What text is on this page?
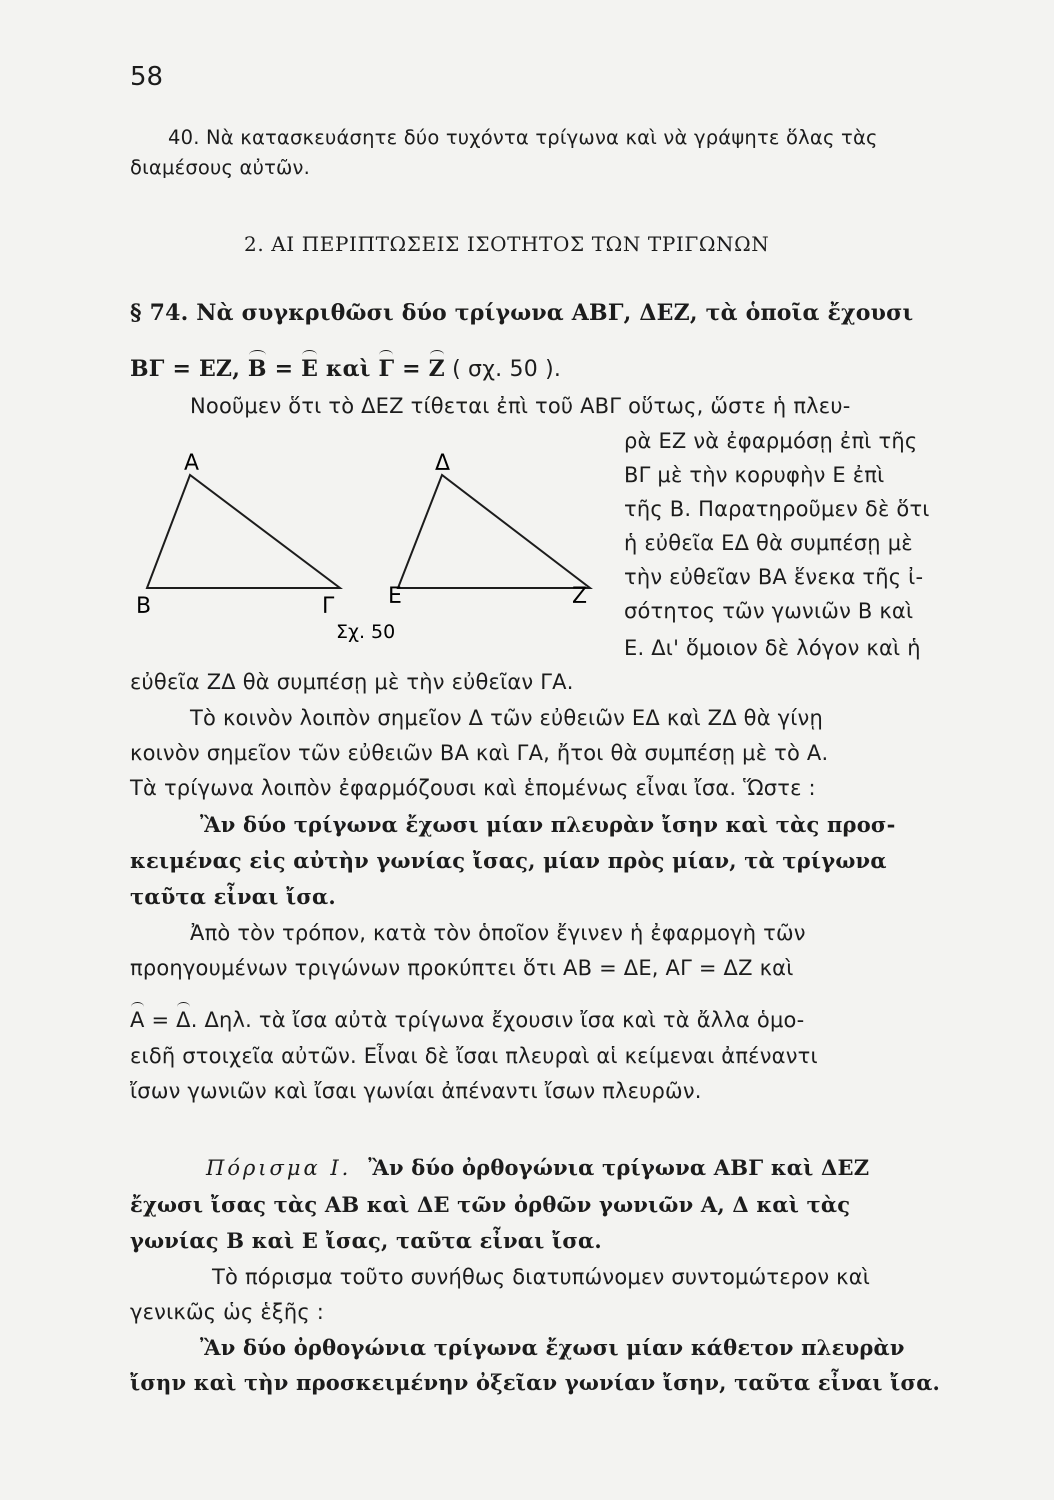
58
40. Νὰ κατασκευάσητε δύο τυχόντα τρίγωνα καὶ νὰ γράψητε ὅλας τὰς
διαμέσους αὐτῶν.
2. ΑΙ ΠΕΡΙΠΤΩΣΕΙΣ ΙΣΟΤΗΤΟΣ ΤΩΝ ΤΡΙΓΩΝΩΝ
§ 74. Νὰ συγκριθῶσι δύο τρίγωνα ΑΒΓ, ΔΕΖ, τὰ ὁποῖα ἔχουσι
ΒΓ = ΕΖ, Β = Ε καὶ Γ = Ζ ( σχ. 50 ).
Νοοῦμεν ὅτι τὸ ΔΕΖ τίθεται ἐπὶ τοῦ ΑΒΓ οὕτως, ὥστε ἡ πλευ-
ρὰ ΕΖ νὰ ἐφαρμόσῃ ἐπὶ τῆς
ΒΓ μὲ τὴν κορυφὴν Ε ἐπὶ
τῆς Β. Παρατηροῦμεν δὲ ὅτι
ἡ εὐθεῖα ΕΔ θὰ συμπέσῃ μὲ
τὴν εὐθεῖαν ΒΑ ἕνεκα τῆς ἰ-
σότητος τῶν γωνιῶν Β καὶ
Ε. Δι' ὅμοιον δὲ λόγον καὶ ἡ
εὐθεῖα ΖΔ θὰ συμπέσῃ μὲ τὴν εὐθεῖαν ΓΑ.
Τὸ κοινὸν λοιπὸν σημεῖον Δ τῶν εὐθειῶν ΕΔ καὶ ΖΔ θὰ γίνῃ
κοινὸν σημεῖον τῶν εὐθειῶν ΒΑ καὶ ΓΑ, ἤτοι θὰ συμπέσῃ μὲ τὸ Α.
Τὰ τρίγωνα λοιπὸν ἐφαρμόζουσι καὶ ἑπομένως εἶναι ἴσα. Ὥστε :
Α
Β	Γ
Δ
Ε	Ζ
Σχ. 50
Ἂν δύο τρίγωνα ἔχωσι μίαν πλευρὰν ἴσην καὶ τὰς προσ-
κειμένας εἰς αὐτὴν γωνίας ἴσας, μίαν πρὸς μίαν, τὰ τρίγωνα
ταῦτα εἶναι ἴσα.
Ἀπὸ τὸν τρόπον, κατὰ τὸν ὁποῖον ἔγινεν ἡ ἐφαρμογὴ τῶν
προηγουμένων τριγώνων προκύπτει ὅτι ΑΒ = ΔΕ, ΑΓ = ΔΖ καὶ
Α = Δ. Δηλ. τὰ ἴσα αὐτὰ τρίγωνα ἔχουσιν ἴσα καὶ τὰ ἄλλα ὁμο-
ειδῆ στοιχεῖα αὐτῶν. Εἶναι δὲ ἴσαι πλευραὶ αἱ κείμεναι ἀπέναντι
ἴσων γωνιῶν καὶ ἴσαι γωνίαι ἀπέναντι ἴσων πλευρῶν.
Πόρισμα Ι. Ἂν δύο ὀρθογώνια τρίγωνα ΑΒΓ καὶ ΔΕΖ
ἔχωσι ἴσας τὰς ΑΒ καὶ ΔΕ τῶν ὀρθῶν γωνιῶν Α, Δ καὶ τὰς
γωνίας Β καὶ Ε ἴσας, ταῦτα εἶναι ἴσα.
Τὸ πόρισμα τοῦτο συνήθως διατυπώνομεν συντομώτερον καὶ
γενικῶς ὡς ἑξῆς :
Ἂν δύο ὀρθογώνια τρίγωνα ἔχωσι μίαν κάθετον πλευρὰν
ἴσην καὶ τὴν προσκειμένην ὀξεῖαν γωνίαν ἴσην, ταῦτα εἶναι ἴσα.
